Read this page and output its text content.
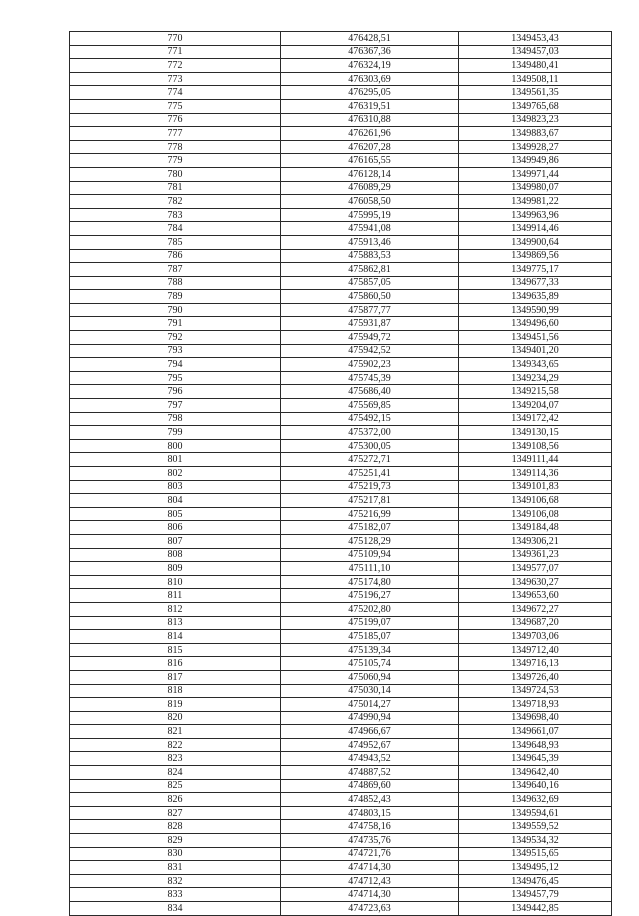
770	476428,51	1349453,43
771	476367,36	1349457,03
772	476324,19	1349480,41
773	476303,69	1349508,11
774	476295,05	1349561,35
775	476319,51	1349765,68
776	476310,88	1349823,23
777	476261,96	1349883,67
778	476207,28	1349928,27
779	476165,55	1349949,86
780	476128,14	1349971,44
781	476089,29	1349980,07
782	476058,50	1349981,22
783	475995,19	1349963,96
784	475941,08	1349914,46
785	475913,46	1349900,64
786	475883,53	1349869,56
787	475862,81	1349775,17
788	475857,05	1349677,33
789	475860,50	1349635,89
790	475877,77	1349590,99
791	475931,87	1349496,60
792	475949,72	1349451,56
793	475942,52	1349401,20
794	475902,23	1349343,65
795	475745,39	1349234,29
796	475686,40	1349215,58
797	475569,85	1349204,07
798	475492,15	1349172,42
799	475372,00	1349130,15
800	475300,05	1349108,56
801	475272,71	1349111,44
802	475251,41	1349114,36
803	475219,73	1349101,83
804	475217,81	1349106,68
805	475216,99	1349106,08
806	475182,07	1349184,48
807	475128,29	1349306,21
808	475109,94	1349361,23
809	475111,10	1349577,07
810	475174,80	1349630,27
811	475196,27	1349653,60
812	475202,80	1349672,27
813	475199,07	1349687,20
814	475185,07	1349703,06
815	475139,34	1349712,40
816	475105,74	1349716,13
817	475060,94	1349726,40
818	475030,14	1349724,53
819	475014,27	1349718,93
820	474990,94	1349698,40
821	474966,67	1349661,07
822	474952,67	1349648,93
823	474943,52	1349645,39
824	474887,52	1349642,40
825	474869,60	1349640,16
826	474852,43	1349632,69
827	474803,15	1349594,61
828	474758,16	1349559,52
829	474735,76	1349534,32
830	474721,76	1349515,65
831	474714,30	1349495,12
832	474712,43	1349476,45
833	474714,30	1349457,79
834	474723,63	1349442,85
